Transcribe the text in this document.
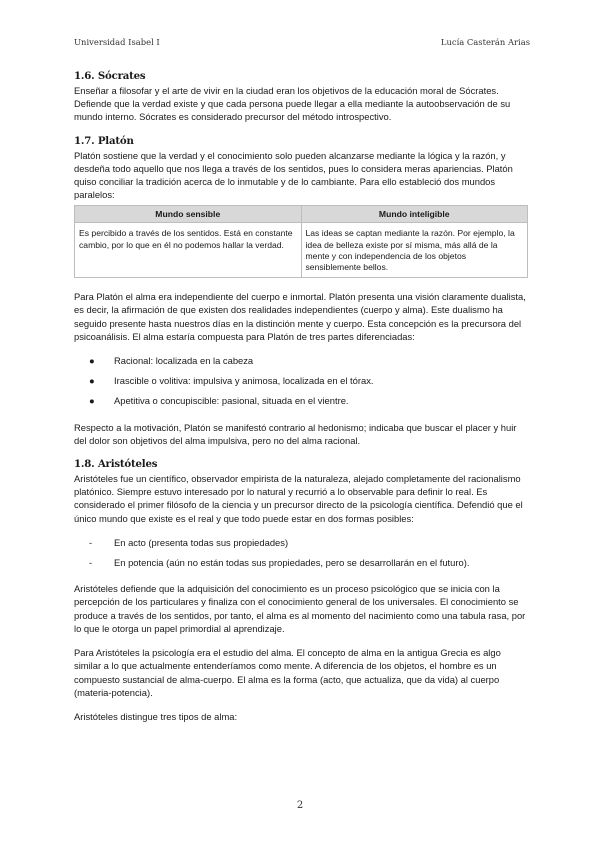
Universidad Isabel I	Lucía Casterán Arias
1.6. Sócrates

Enseñar a filosofar y el arte de vivir en la ciudad eran los objetivos de la educación moral de Sócrates. Defiende que la verdad existe y que cada persona puede llegar a ella mediante la autoobservación de su mundo interno. Sócrates es considerado precursor del método introspectivo.

1.7. Platón

Platón sostiene que la verdad y el conocimiento solo pueden alcanzarse mediante la lógica y la razón, y desdeña todo aquello que nos llega a través de los sentidos, pues lo considera meras apariencias. Platón quiso conciliar la tradición acerca de lo inmutable y de lo cambiante. Para ello estableció dos mundos paralelos:

Mundo sensible	Mundo inteligible
Es percibido a través de los sentidos. Está en constante cambio, por lo que en él no podemos hallar la verdad.	Las ideas se captan mediante la razón. Por ejemplo, la idea de belleza existe por sí misma, más allá de la mente y con independencia de los objetos sensiblemente bellos.

Para Platón el alma era independiente del cuerpo e inmortal. Platón presenta una visión claramente dualista, es decir, la afirmación de que existen dos realidades independientes (cuerpo y alma). Este dualismo ha seguido presente hasta nuestros días en la distinción mente y cuerpo. Esta concepción es la precursora del psicoanálisis. El alma estaría compuesta para Platón de tres partes diferenciadas:

● Racional: localizada en la cabeza
● Irascible o volitiva: impulsiva y animosa, localizada en el tórax.
● Apetitiva o concupiscible: pasional, situada en el vientre.

Respecto a la motivación, Platón se manifestó contrario al hedonismo; indicaba que buscar el placer y huir del dolor son objetivos del alma impulsiva, pero no del alma racional.

1.8. Aristóteles

Aristóteles fue un científico, observador empirista de la naturaleza, alejado completamente del racionalismo platónico. Siempre estuvo interesado por lo natural y recurrió a lo observable para definir lo real. Es considerado el primer filósofo de la ciencia y un precursor directo de la psicología científica. Defendió que el único mundo que existe es el real y que todo puede estar en dos formas posibles:

- En acto (presenta todas sus propiedades)
- En potencia (aún no están todas sus propiedades, pero se desarrollarán en el futuro).

Aristóteles defiende que la adquisición del conocimiento es un proceso psicológico que se inicia con la percepción de los particulares y finaliza con el conocimiento general de los universales. El conocimiento se produce a través de los sentidos, por tanto, el alma es al momento del nacimiento como una tabula rasa, por lo que le otorga un papel primordial al aprendizaje.

Para Aristóteles la psicología era el estudio del alma. El concepto de alma en la antigua Grecia es algo similar a lo que actualmente entenderíamos como mente. A diferencia de los objetos, el hombre es un compuesto sustancial de alma-cuerpo. El alma es la forma (acto, que actualiza, que da vida) al cuerpo (materia-potencia).

Aristóteles distingue tres tipos de alma:

2
